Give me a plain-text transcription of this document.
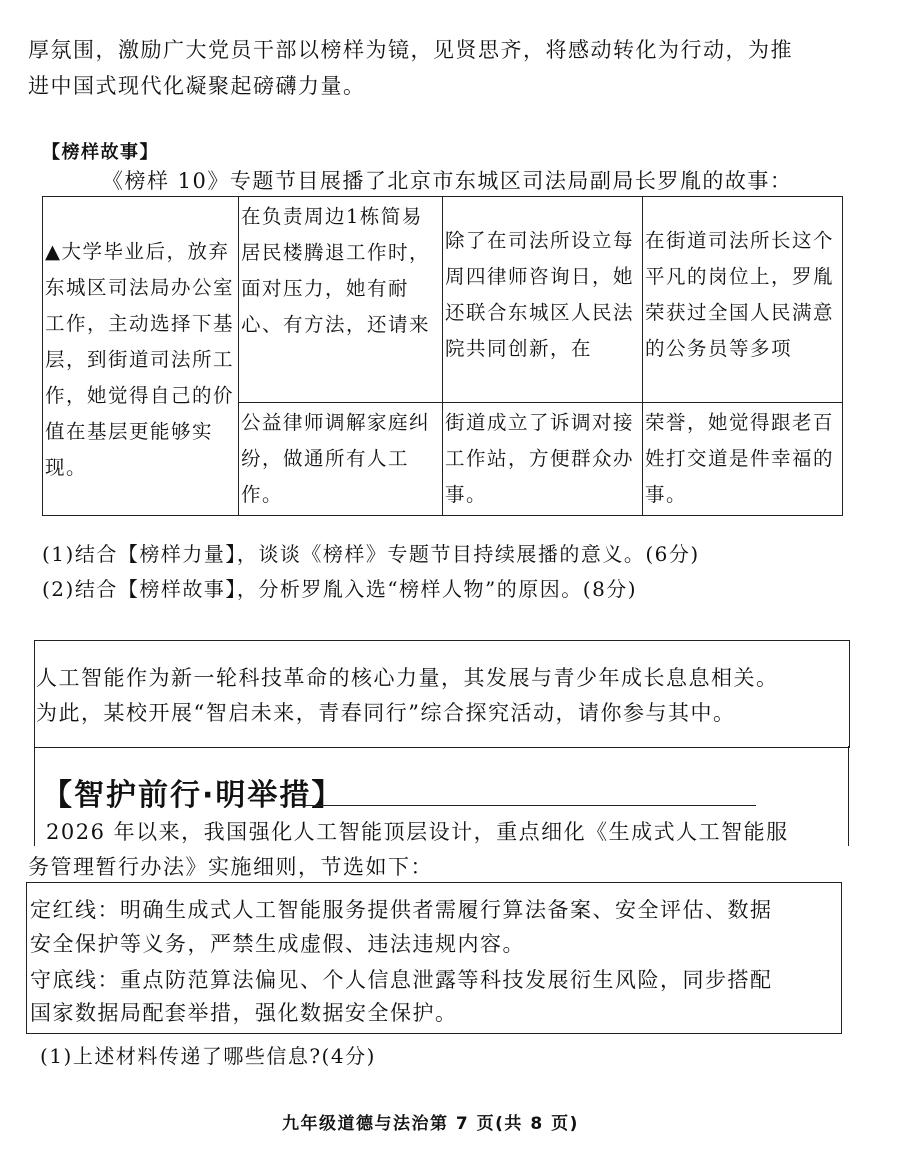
厚氛围，激励广大党员干部以榜样为镜，见贤思齐，将感动转化为行动，为推
进中国式现代化凝聚起磅礴力量。
【榜样故事】
《榜样 10》专题节目展播了北京市东城区司法局副局长罗胤的故事：
▲大学毕业后，放弃东城区司法局办公室工作，主动选择下基层，到街道司法所工作，她觉得自己的价值在基层更能够实现。	在负责周边1栋简易居民楼腾退工作时，面对压力，她有耐心、有方法，还请来	除了在司法所设立每周四律师咨询日，她还联合东城区人民法院共同创新，在	在街道司法所长这个平凡的岗位上，罗胤荣获过全国人民满意的公务员等多项
	公益律师调解家庭纠纷，做通所有人工作。	街道成立了诉调对接工作站，方便群众办事。	荣誉，她觉得跟老百姓打交道是件幸福的事。
(1)结合【榜样力量】，谈谈《榜样》专题节目持续展播的意义。(6分)
(2)结合【榜样故事】，分析罗胤入选“榜样人物”的原因。(8分)
人工智能作为新一轮科技革命的核心力量，其发展与青少年成长息息相关。
为此，某校开展“智启未来，青春同行”综合探究活动，请你参与其中。
【智护前行·明举措】
2026 年以来，我国强化人工智能顶层设计，重点细化《生成式人工智能服
务管理暂行办法》实施细则，节选如下：
定红线：明确生成式人工智能服务提供者需履行算法备案、安全评估、数据
安全保护等义务，严禁生成虚假、违法违规内容。
守底线：重点防范算法偏见、个人信息泄露等科技发展衍生风险，同步搭配
国家数据局配套举措，强化数据安全保护。
(1)上述材料传递了哪些信息?(4分)
九年级道德与法治第 7 页(共 8 页)
